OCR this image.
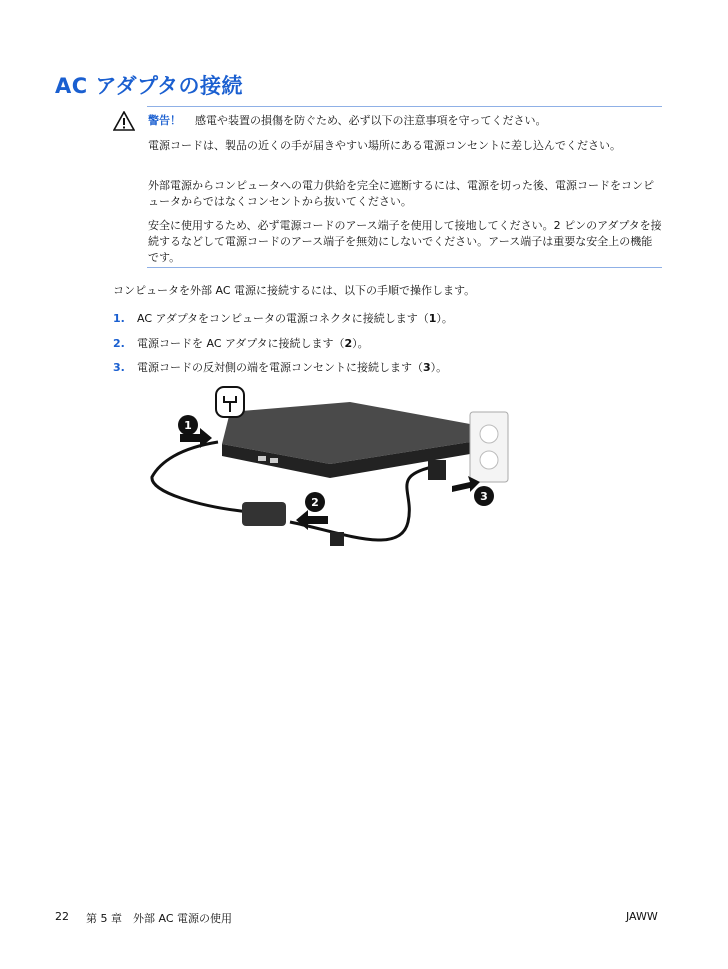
AC アダプタの接続

警告！ 感電や装置の損傷を防ぐため、必ず以下の注意事項を守ってください。

電源コードは、製品の近くの手が届きやすい場所にある電源コンセントに差し込んでください。

外部電源からコンピュータへの電力供給を完全に遮断するには、電源を切った後、電源コードをコンピュータからではなくコンセントから抜いてください。

安全に使用するため、必ず電源コードのアース端子を使用して接地してください。2 ピンのアダプタを接続するなどして電源コードのアース端子を無効にしないでください。アース端子は重要な安全上の機能です。

コンピュータを外部 AC 電源に接続するには、以下の手順で操作します。

1. AC アダプタをコンピュータの電源コネクタに接続します（1）。
2. 電源コードを AC アダプタに接続します（2）。
3. 電源コードの反対側の端を電源コンセントに接続します（3）。
1
2	3
22 第 5 章　外部 AC 電源の使用	JAWW
